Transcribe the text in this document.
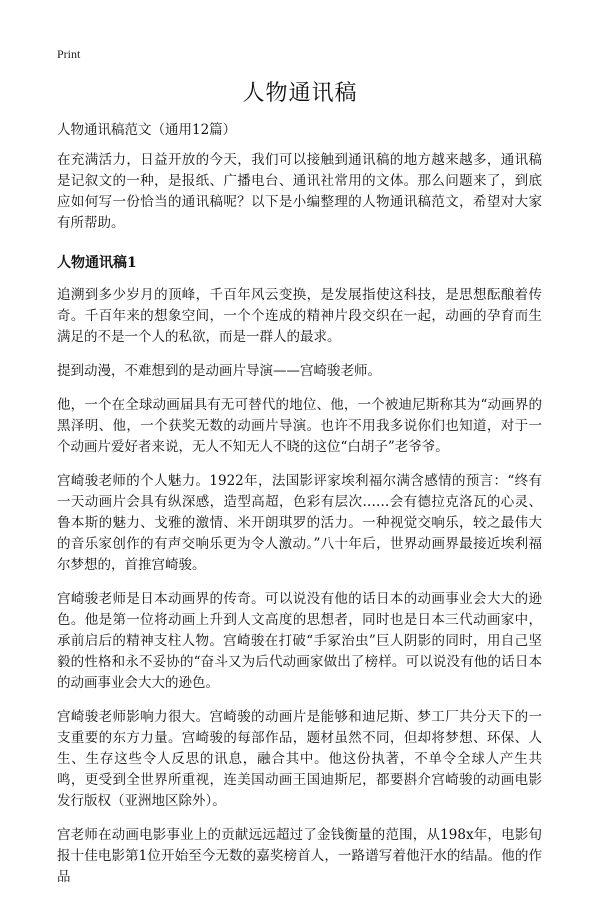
Print
人物通讯稿
人物通讯稿范文（通用12篇）

在充满活力，日益开放的今天，我们可以接触到通讯稿的地方越来越多，通讯稿是记叙文的一种，是报纸、广播电台、通讯社常用的文体。那么问题来了，到底应如何写一份恰当的通讯稿呢？以下是小编整理的人物通讯稿范文，希望对大家有所帮助。

人物通讯稿1

追溯到多少岁月的顶峰，千百年风云变换，是发展指使这科技，是思想酝酿着传奇。千百年来的想象空间，一个个连成的精神片段交织在一起，动画的孕育而生满足的不是一个人的私欲，而是一群人的最求。

提到动漫，不难想到的是动画片导演——宫崎骏老师。

他，一个在全球动画届具有无可替代的地位、他，一个被迪尼斯称其为“动画界的黑泽明、他，一个获奖无数的动画片导演。也许不用我多说你们也知道，对于一个动画片爱好者来说，无人不知无人不晓的这位“白胡子”老爷爷。

宫崎骏老师的个人魅力。1922年，法国影评家埃利福尔满含感情的预言：“终有一天动画片会具有纵深感，造型高超，色彩有层次……会有德拉克洛瓦的心灵、鲁本斯的魅力、戈雅的激情、米开朗琪罗的活力。一种视觉交响乐，较之最伟大的音乐家创作的有声交响乐更为令人激动。”八十年后，世界动画界最接近埃利福尔梦想的，首推宫崎骏。

宫崎骏老师是日本动画界的传奇。可以说没有他的话日本的动画事业会大大的逊色。他是第一位将动画上升到人文高度的思想者，同时也是日本三代动画家中，承前启后的精神支柱人物。宫崎骏在打破“手冢治虫”巨人阴影的同时，用自己坚毅的性格和永不妥协的“奋斗又为后代动画家做出了榜样。可以说没有他的话日本的动画事业会大大的逊色。

宫崎骏老师影响力很大。宫崎骏的动画片是能够和迪尼斯、梦工厂共分天下的一支重要的东方力量。宫崎骏的每部作品，题材虽然不同，但却将梦想、环保、人生、生存这些令人反思的讯息，融合其中。他这份执著，不单令全球人产生共鸣，更受到全世界所重视，连美国动画王国迪斯尼，都要斟介宫崎骏的动画电影发行版权（亚洲地区除外）。

宫老师在动画电影事业上的贡献远远超过了金钱衡量的范围，从198x年，电影旬报十佳电影第1位开始至今无数的嘉奖榜首人，一路谱写着他汗水的结晶。他的作品
